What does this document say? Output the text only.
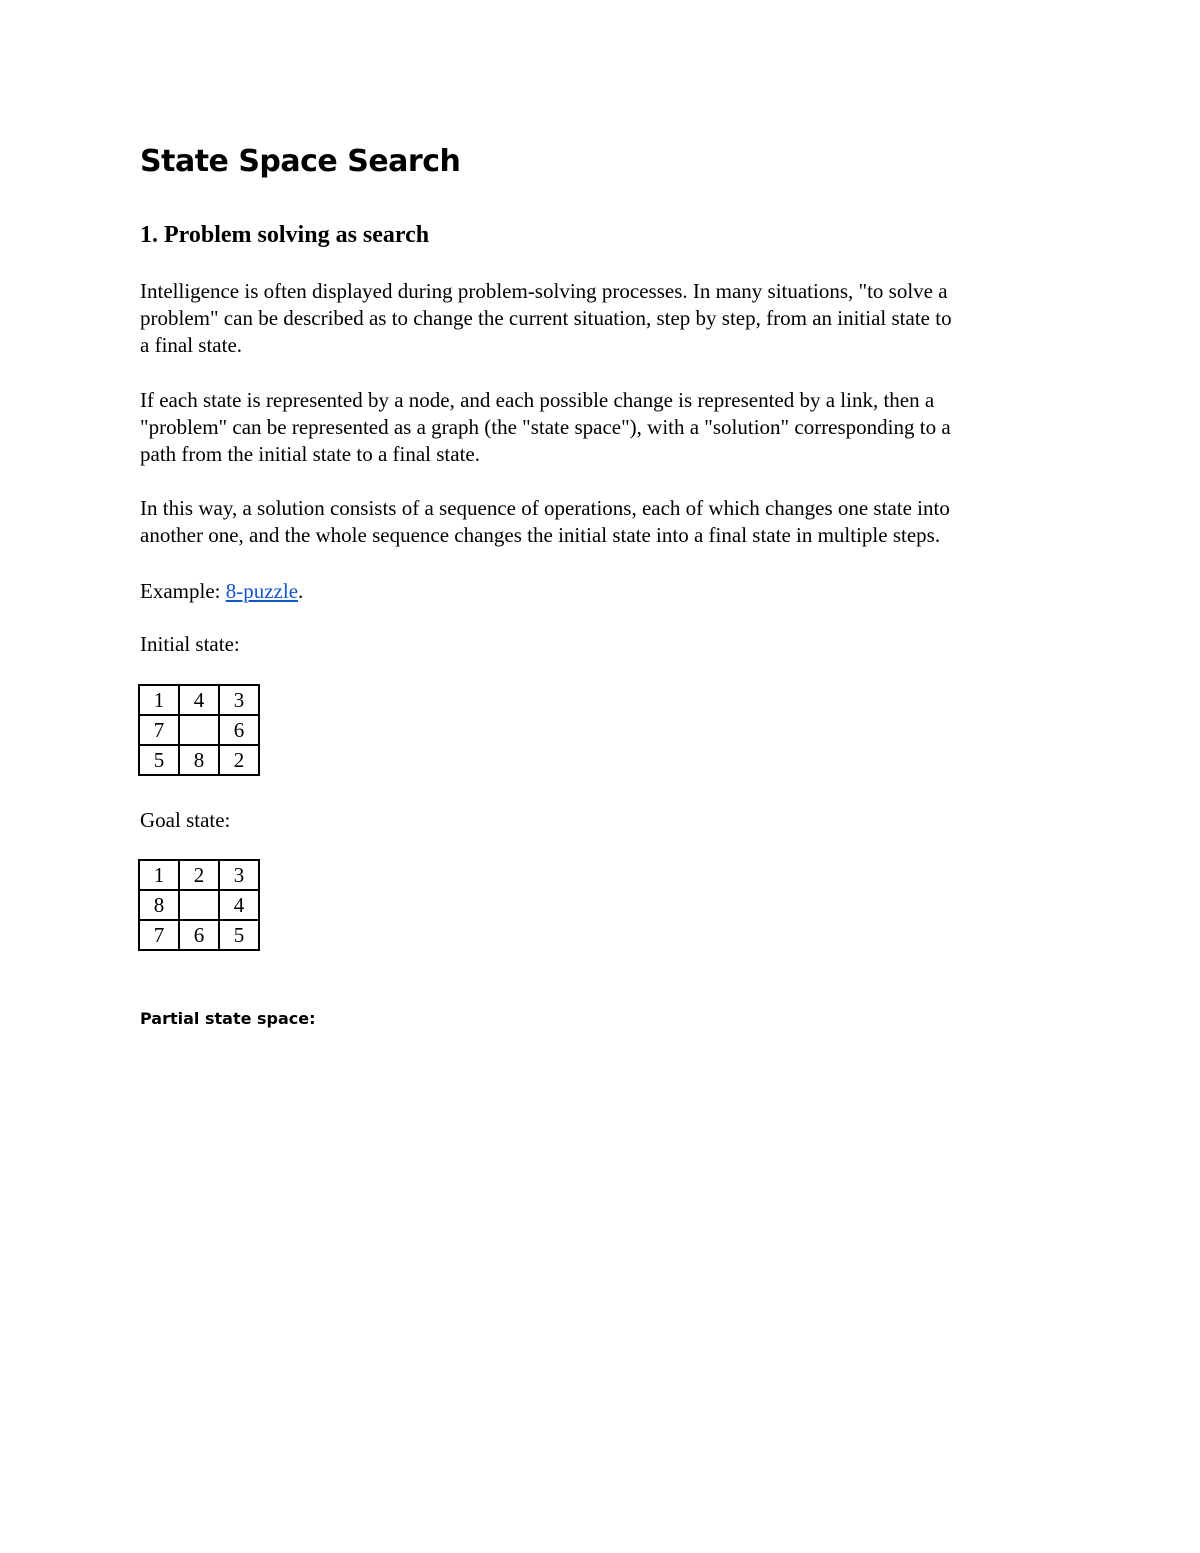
State Space Search
1. Problem solving as search

Intelligence is often displayed during problem-solving processes. In many situations, "to solve a
problem" can be described as to change the current situation, step by step, from an initial state to
a final state.

If each state is represented by a node, and each possible change is represented by a link, then a
"problem" can be represented as a graph (the "state space"), with a "solution" corresponding to a
path from the initial state to a final state.

In this way, a solution consists of a sequence of operations, each of which changes one state into
another one, and the whole sequence changes the initial state into a final state in multiple steps.

Example: 8-puzzle.

Initial state:

1	4	3
7		6
5	8	2

Goal state:

1	2	3
8		4
7	6	5

Partial state space:
